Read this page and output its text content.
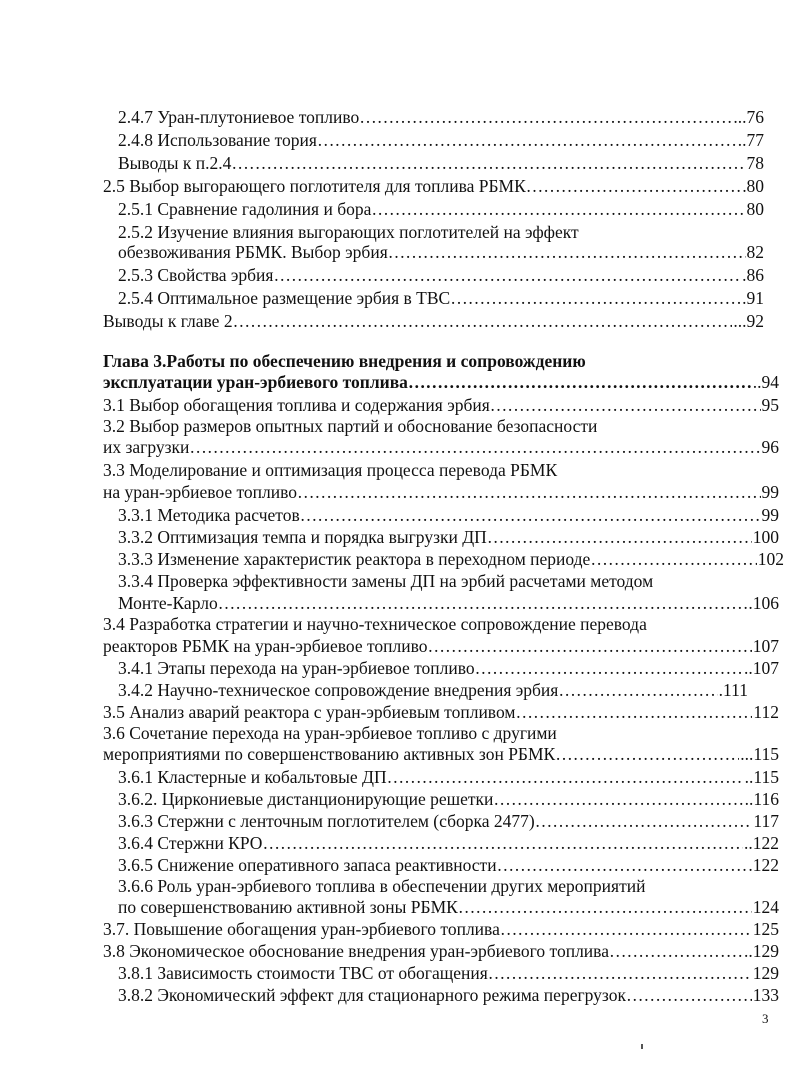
2.4.7 Уран-плутониевое топливо ………………………………………………………………………………………………………………………………………………………………………………………………………	...76
2.4.8 Использование тория ………………………………………………………………………………………………………………………………………………………………………………………………………	.77
Выводы к п.2.4 ………………………………………………………………………………………………………………………………………………………………………………………………………	78
2.5 Выбор выгорающего поглотителя для топлива РБМК ………………………………………………………………………………………………………………………………………………………………………………………………………	80
2.5.1 Сравнение гадолиния и бора ………………………………………………………………………………………………………………………………………………………………………………………………………	80
2.5.2 Изучение влияния выгорающих поглотителей на эффект
обезвоживания РБМК. Выбор эрбия ………………………………………………………………………………………………………………………………………………………………………………………………………	82
2.5.3 Свойства эрбия ………………………………………………………………………………………………………………………………………………………………………………………………………	.86
2.5.4 Оптимальное размещение эрбия в ТВС ………………………………………………………………………………………………………………………………………………………………………………………………………	.91
Выводы к главе 2 ………………………………………………………………………………………………………………………………………………………………………………………………………	...92
Глава 3.Работы по обеспечению внедрения и сопровождению
эксплуатации уран-эрбиевого топлива ………………………………………………………………………………………………………………………………………………………………………………………………………	..94
3.1 Выбор обогащения топлива и содержания эрбия ………………………………………………………………………………………………………………………………………………………………………………………………………	95
3.2 Выбор размеров опытных партий и обоснование безопасности
их загрузки ………………………………………………………………………………………………………………………………………………………………………………………………………	96
3.3 Моделирование и оптимизация процесса перевода РБМК
на уран-эрбиевое топливо ………………………………………………………………………………………………………………………………………………………………………………………………………	99
3.3.1 Методика расчетов ………………………………………………………………………………………………………………………………………………………………………………………………………	99
3.3.2 Оптимизация темпа и порядка выгрузки ДП ………………………………………………………………………………………………………………………………………………………………………………………………………	100
3.3.3 Изменение характеристик реактора в переходном периоде ………………………………………………………………………………………………………………………………………………………………………………………………………	102
3.3.4 Проверка эффективности замены ДП на эрбий расчетами методом
Монте-Карло ………………………………………………………………………………………………………………………………………………………………………………………………………	.106
3.4 Разработка стратегии и научно-техническое сопровождение перевода
реакторов РБМК на уран-эрбиевое топливо ………………………………………………………………………………………………………………………………………………………………………………………………………	107
3.4.1 Этапы перехода на уран-эрбиевое топливо ………………………………………………………………………………………………………………………………………………………………………………………………………	..107
3.4.2 Научно-техническое сопровождение внедрения эрбия ………………………………………………………………………………………………………………………………………………………………………………………………………	.111
3.5 Анализ аварий реактора с уран-эрбиевым топливом ………………………………………………………………………………………………………………………………………………………………………………………………………	112
3.6 Сочетание перехода на уран-эрбиевое топливо с другими
мероприятиями по совершенствованию активных зон РБМК ………………………………………………………………………………………………………………………………………………………………………………………………………	...115
3.6.1 Кластерные и кобальтовые ДП ………………………………………………………………………………………………………………………………………………………………………………………………………	..115
3.6.2. Циркониевые дистанционирующие решетки ………………………………………………………………………………………………………………………………………………………………………………………………………	..116
3.6.3 Стержни с ленточным поглотителем (сборка 2477) ………………………………………………………………………………………………………………………………………………………………………………………………………	117
3.6.4 Стержни КРО ………………………………………………………………………………………………………………………………………………………………………………………………………	..122
3.6.5 Снижение оперативного запаса реактивности ………………………………………………………………………………………………………………………………………………………………………………………………………	.122
3.6.6 Роль уран-эрбиевого топлива в обеспечении других мероприятий
по совершенствованию активной зоны РБМК ………………………………………………………………………………………………………………………………………………………………………………………………………	124
3.7. Повышение обогащения уран-эрбиевого топлива ………………………………………………………………………………………………………………………………………………………………………………………………………	125
3.8 Экономическое обоснование внедрения уран-эрбиевого топлива ………………………………………………………………………………………………………………………………………………………………………………………………………	..129
3.8.1 Зависимость стоимости ТВС от обогащения ………………………………………………………………………………………………………………………………………………………………………………………………………	129
3.8.2 Экономический эффект для стационарного режима перегрузок ………………………………………………………………………………………………………………………………………………………………………………………………………	133
3
